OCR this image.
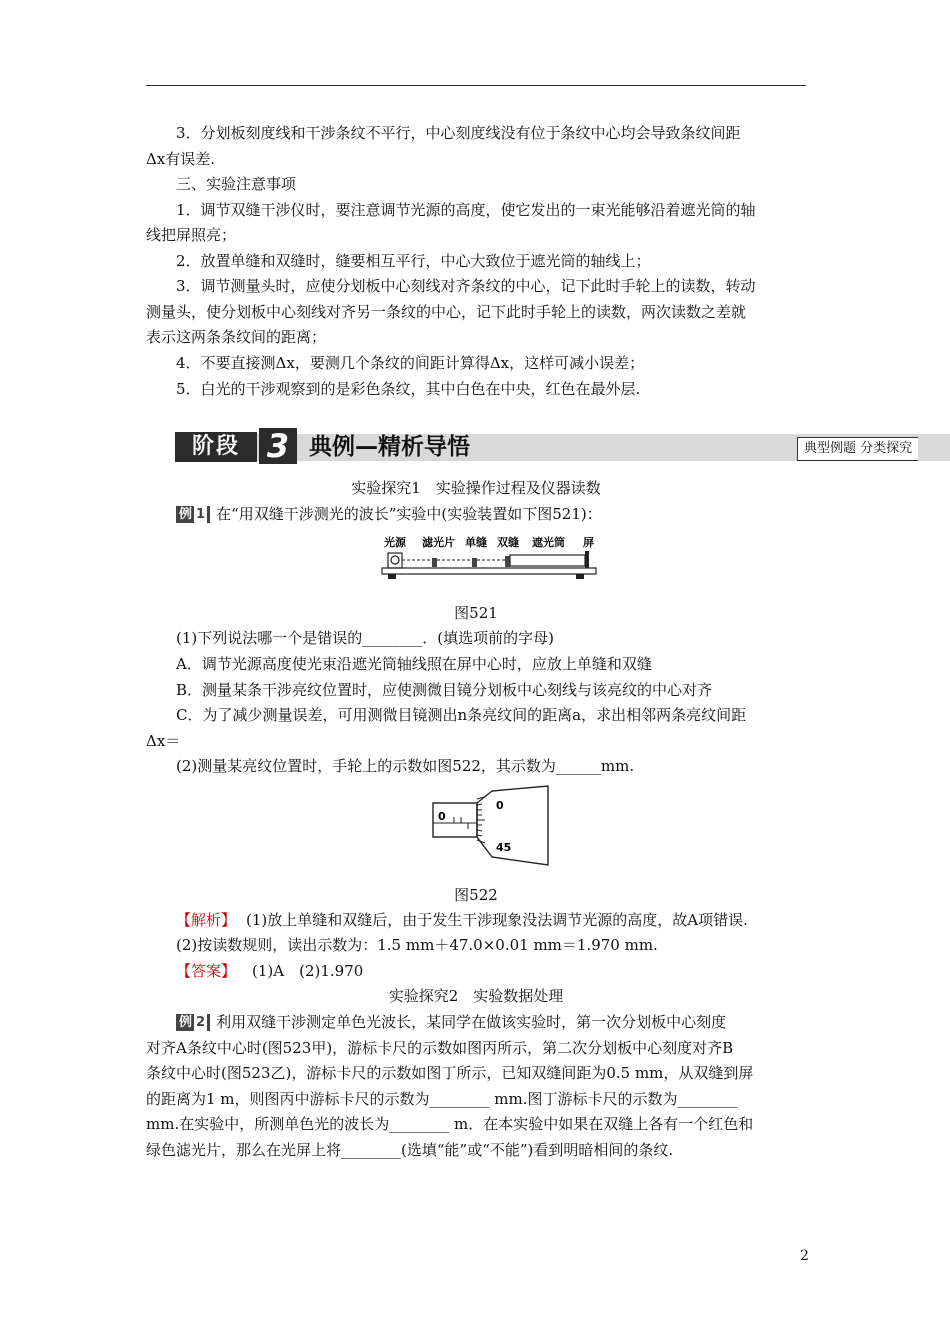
3．分划板刻度线和干涉条纹不平行，中心刻度线没有位于条纹中心均会导致条纹间距
Δx有误差.
三、实验注意事项
1．调节双缝干涉仪时，要注意调节光源的高度，使它发出的一束光能够沿着遮光筒的轴
线把屏照亮；
2．放置单缝和双缝时，缝要相互平行，中心大致位于遮光筒的轴线上；
3．调节测量头时，应使分划板中心刻线对齐条纹的中心，记下此时手轮上的读数，转动
测量头，使分划板中心刻线对齐另一条纹的中心，记下此时手轮上的读数，两次读数之差就
表示这两条条纹间的距离；
4．不要直接测Δx，要测几个条纹的间距计算得Δx，这样可减小误差；
5．白光的干涉观察到的是彩色条纹，其中白色在中央，红色在最外层.
阶段 3 典例—精析导悟	典型例题 分类探究
实验探究1　实验操作过程及仪器读数
例 1 在“用双缝干涉测光的波长”实验中(实验装置如下图521)：
光源 滤光片 单缝 双缝 遮光筒 屏
图521
(1)下列说法哪一个是错误的________．(填选项前的字母)
A．调节光源高度使光束沿遮光筒轴线照在屏中心时，应放上单缝和双缝
B．测量某条干涉亮纹位置时，应使测微目镜分划板中心刻线与该亮纹的中心对齐
C．为了减少测量误差，可用测微目镜测出n条亮纹间的距离a，求出相邻两条亮纹间距
Δx＝
(2)测量某亮纹位置时，手轮上的示数如图522，其示数为______mm.
0
0
45
图522
【解析】 (1)放上单缝和双缝后，由于发生干涉现象没法调节光源的高度，故A项错误.
(2)按读数规则，读出示数为：1.5 mm＋47.0×0.01 mm＝1.970 mm.
【答案】 (1)A　(2)1.970
实验探究2　实验数据处理
例 2 利用双缝干涉测定单色光波长，某同学在做该实验时，第一次分划板中心刻度
对齐A条纹中心时(图523甲)，游标卡尺的示数如图丙所示，第二次分划板中心刻度对齐B
条纹中心时(图523乙)，游标卡尺的示数如图丁所示，已知双缝间距为0.5 mm，从双缝到屏
的距离为1 m，则图丙中游标卡尺的示数为________ mm.图丁游标卡尺的示数为________
mm.在实验中，所测单色光的波长为________ m．在本实验中如果在双缝上各有一个红色和
绿色滤光片，那么在光屏上将________(选填“能”或“不能”)看到明暗相间的条纹.
2
